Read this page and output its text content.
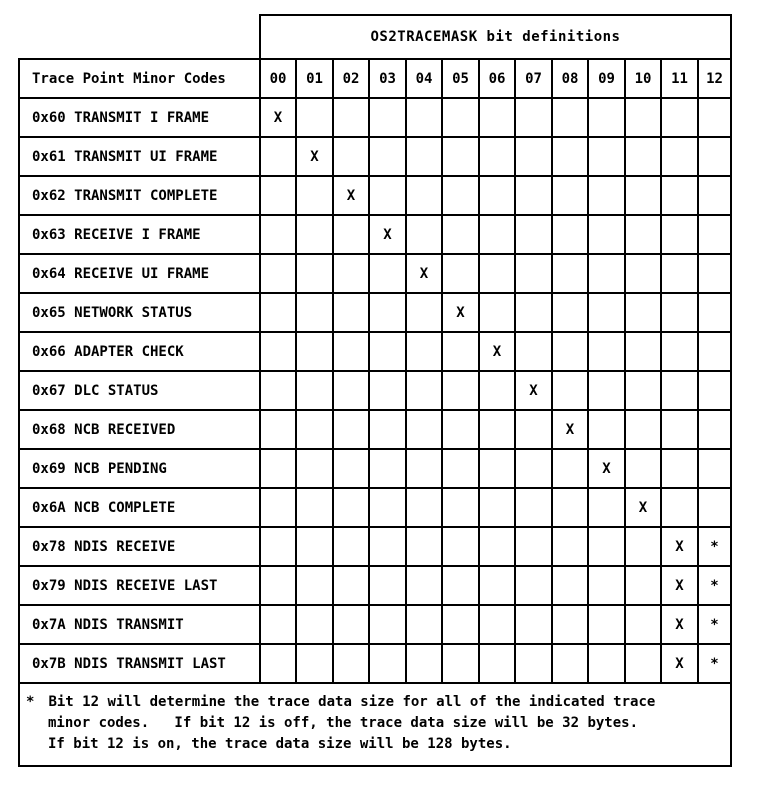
	OS2TRACEMASK bit definitions												
Trace Point Minor Codes	00	01	02	03	04	05	06	07	08	09	10	11	12
0x60 TRANSMIT I FRAME	X												
0x61 TRANSMIT UI FRAME		X											
0x62 TRANSMIT COMPLETE			X										
0x63 RECEIVE I FRAME				X									
0x64 RECEIVE UI FRAME					X								
0x65 NETWORK STATUS						X							
0x66 ADAPTER CHECK							X						
0x67 DLC STATUS								X					
0x68 NCB RECEIVED									X				
0x69 NCB PENDING										X			
0x6A NCB COMPLETE											X		
0x78 NDIS RECEIVE												X	*
0x79 NDIS RECEIVE LAST												X	*
0x7A NDIS TRANSMIT												X	*
0x7B NDIS TRANSMIT LAST												X	*

* Bit 12 will determine the trace data size for all of the indicated trace
minor codes.   If bit 12 is off, the trace data size will be 32 bytes.
If bit 12 is on, the trace data size will be 128 bytes.													
